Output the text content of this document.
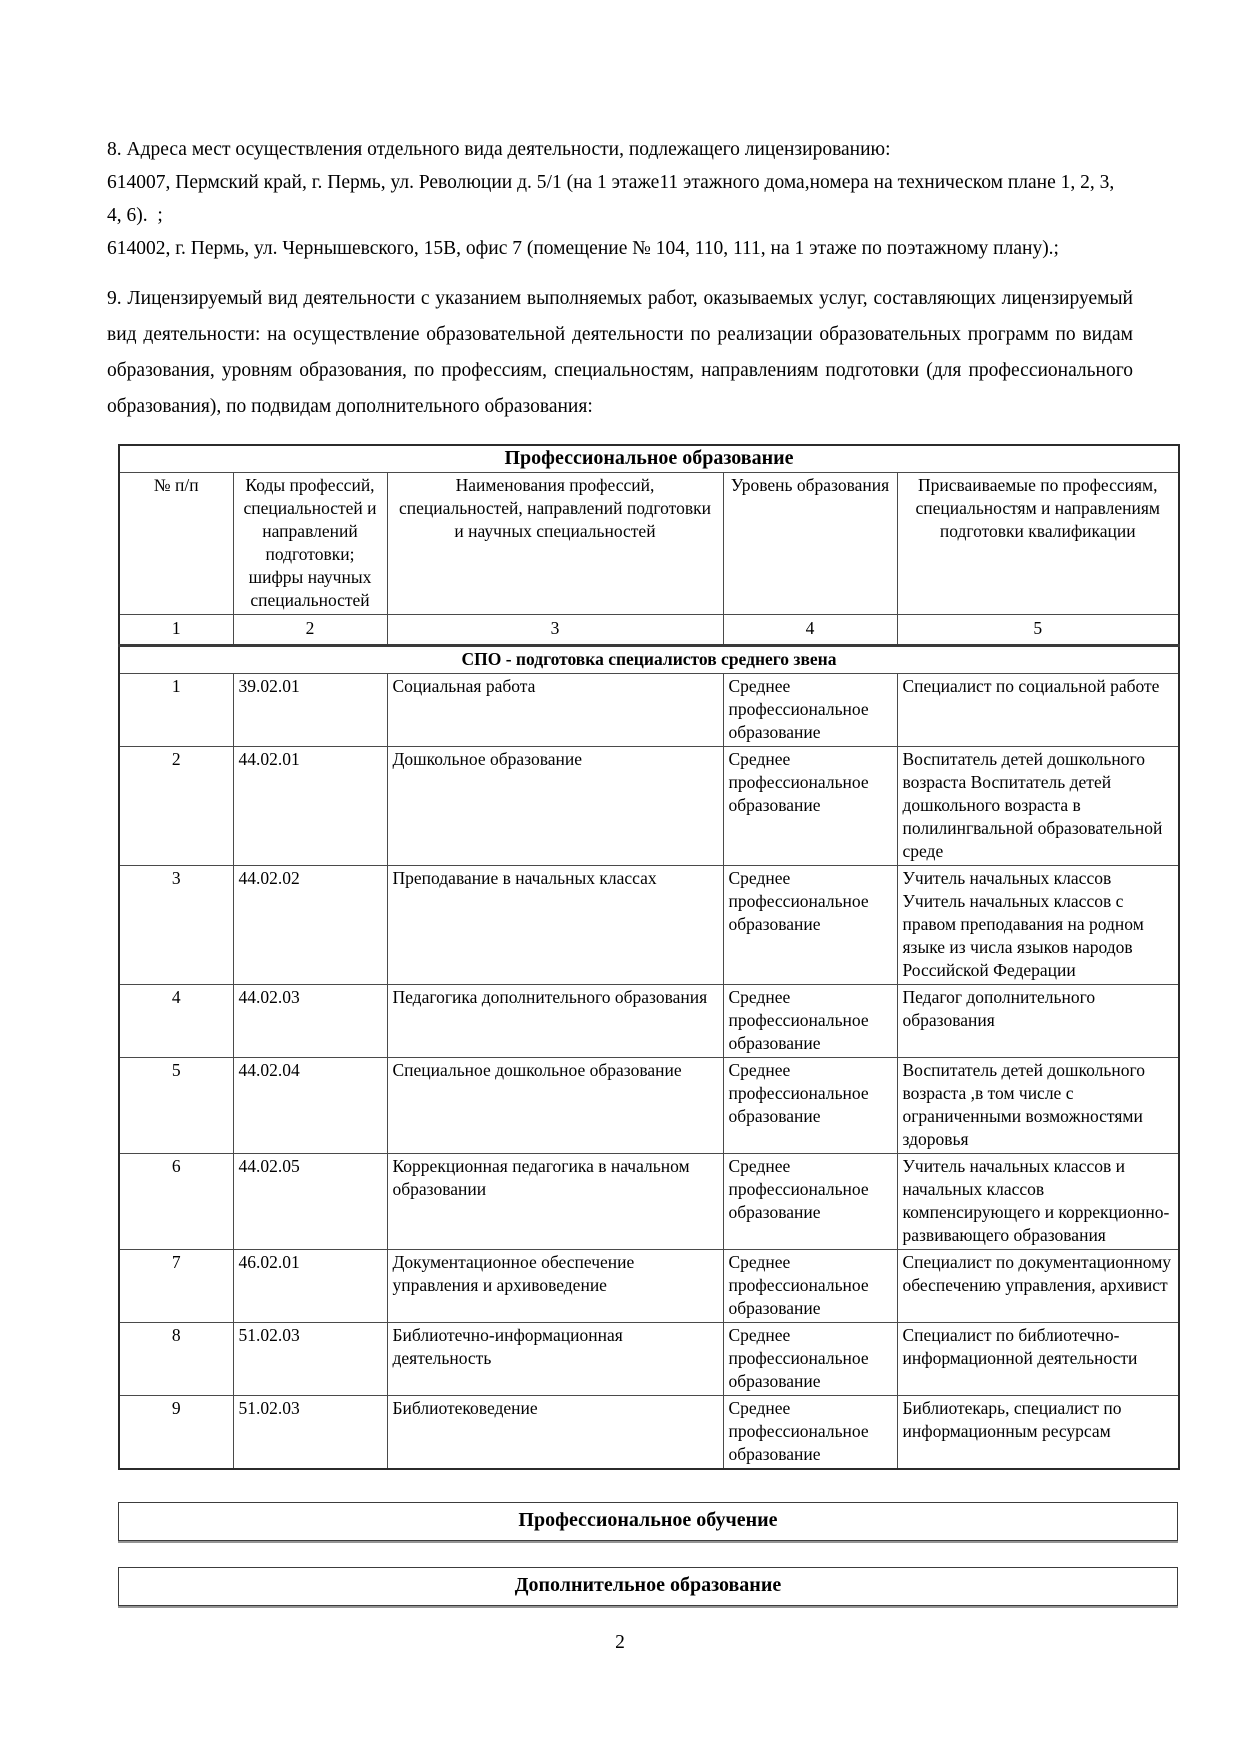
8. Адреса мест осуществления отдельного вида деятельности, подлежащего лицензированию:

614007, Пермский край, г. Пермь, ул. Революции д. 5/1 (на 1 этаже11 этажного дома,номера на техническом плане 1, 2, 3, 4, 6).  ;

614002, г. Пермь, ул. Чернышевского, 15В, офис 7 (помещение № 104, 110, 111, на 1 этаже по поэтажному плану).;

9. Лицензируемый вид деятельности с указанием выполняемых работ, оказываемых услуг, составляющих лицензируемый вид деятельности: на осуществление образовательной деятельности по реализации образовательных программ по видам образования, уровням образования, по профессиям, специальностям, направлениям подготовки (для профессионального образования), по подвидам дополнительного образования:

Профессиональное образование				
№ п/п	Коды профессий, специальностей и направлений подготовки; шифры научных специальностей	Наименования профессий, специальностей, направлений подготовки и научных специальностей	Уровень образования	Присваиваемые по профессиям, специальностям и направлениям подготовки квалификации
1	2	3	4	5
СПО - подготовка специалистов среднего звена				
1	39.02.01	Социальная работа	Среднее профессиональное образование	Специалист по социальной работе
2	44.02.01	Дошкольное образование	Среднее профессиональное образование	Воспитатель детей дошкольного возраста Воспитатель детей дошкольного возраста в полилингвальной образовательной среде
3	44.02.02	Преподавание в начальных классах	Среднее профессиональное образование	Учитель начальных классов Учитель начальных классов с правом преподавания на родном языке из числа языков народов Российской Федерации
4	44.02.03	Педагогика дополнительного образования	Среднее профессиональное образование	Педагог дополнительного образования
5	44.02.04	Специальное дошкольное образование	Среднее профессиональное образование	Воспитатель детей дошкольного возраста ,в том числе с ограниченными возможностями здоровья
6	44.02.05	Коррекционная педагогика в начальном образовании	Среднее профессиональное образование	Учитель начальных классов и начальных классов компенсирующего и коррекционно-развивающего образования
7	46.02.01	Документационное обеспечение управления и архивоведение	Среднее профессиональное образование	Специалист по документационному обеспечению управления, архивист
8	51.02.03	Библиотечно-информационная деятельность	Среднее профессиональное образование	Специалист по библиотечно-информационной деятельности
9	51.02.03	Библиотековедение	Среднее профессиональное образование	Библиотекарь, специалист по информационным ресурсам
Профессиональное обучение
Дополнительное образование
2
